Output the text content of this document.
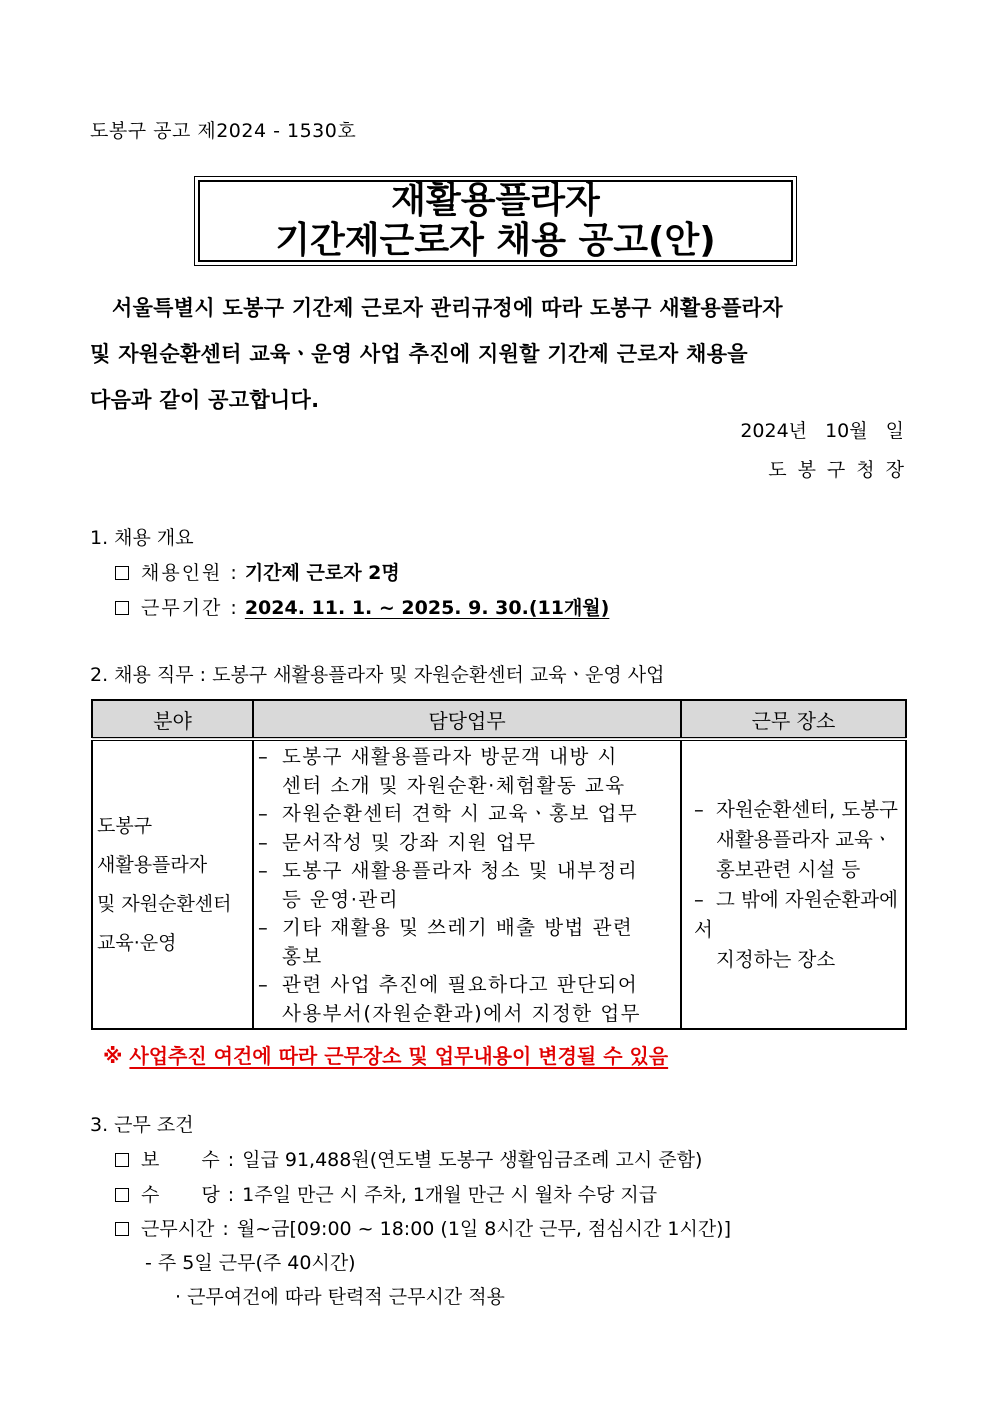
도봉구 공고 제2024 - 1530호
재활용플라자
기간제근로자 채용 공고(안)
서울특별시 도봉구 기간제 근로자 관리규정에 따라 도봉구 새활용플라자
및 자원순환센터 교육ㆍ운영 사업 추진에 지원할 기간제 근로자 채용을
다음과 같이 공고합니다.
2024년 10월 일
도봉구청장
1. 채용 개요
채용인원 : 기간제 근로자 2명
근무기간 : 2024. 11. 1. ~ 2025. 9. 30.(11개월)
2. 채용 직무 : 도봉구 새활용플라자 및 자원순환센터 교육ㆍ운영 사업
분야	담당업무	근무 장소

도봉구
새활용플라자
및 자원순환센터
교육·운영

– 도봉구 새활용플라자 방문객 내방 시
센터 소개 및 자원순환·체험활동 교육
– 자원순환센터 견학 시 교육ㆍ홍보 업무
– 문서작성 및 강좌 지원 업무
– 도봉구 새활용플라자 청소 및 내부정리
등 운영·관리
– 기타 재활용 및 쓰레기 배출 방법 관련
홍보
– 관련 사업 추진에 필요하다고 판단되어
사용부서(자원순환과)에서 지정한 업무

– 자원순환센터, 도봉구
새활용플라자 교육ㆍ
홍보관련 시설 등
– 그 밖에 자원순환과에서
지정하는 장소
※ 사업추진 여건에 따라 근무장소 및 업무내용이 변경될 수 있음
3. 근무 조건
보 수 : 일급 91,488원(연도별 도봉구 생활임금조례 고시 준함)
수 당 : 1주일 만근 시 주차, 1개월 만근 시 월차 수당 지급
근무시간 : 월~금[09:00 ~ 18:00 (1일 8시간 근무, 점심시간 1시간)]
- 주 5일 근무(주 40시간)
· 근무여건에 따라 탄력적 근무시간 적용
